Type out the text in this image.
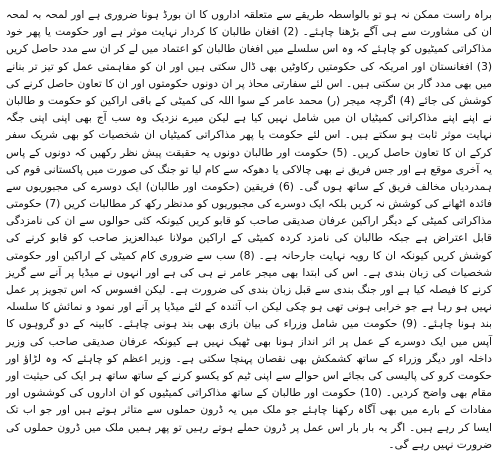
براہ راست ممکن نہ ہو تو بالواسطہ طریقے سے متعلقہ اداروں کا ان بورڈ ہونا ضروری ہے اور لمحہ بہ لمحہ ان کی مشاورت سے ہی آگے بڑھنا چاہئے۔ (2) افغان طالبان کا کردار نہایت موثر ہے اور حکومت یا پھر خود مذاکراتی کمیٹیوں کو چاہئے کہ وہ اس سلسلے میں افغان طالبان کو اعتماد میں لے کر ان سے مدد حاصل کریں (3) افغانستان اور امریکہ کی حکومتیں رکاوٹیں بھی ڈال سکتی ہیں اور ان کو مفاہمتی عمل کو تیز تر بنانے میں بھی مدد گار بن سکتی ہیں۔ اس لئے سفارتی محاذ پر ان دونوں حکومتوں اور ان کا تعاون حاصل کرنے کی کوشش کی جائے (4) اگرچہ میجر (ر) محمد عامر کے سوا اللہ کی کمیٹی کے باقی اراکین کو حکومت و طالبان نے اپنے اپنے مذاکراتی کمیٹیاں ان میں شامل نہیں کیا ہے لیکن میرے نزدیک وہ سب آج بھی اپنی اپنی جگہ نہایت موثر ثابت ہو سکتے ہیں۔ اس لئے حکومت یا پھر مذاکراتی کمیٹیاں ان شخصیات کو بھی شریک سفر کرکے ان کا تعاون حاصل کریں۔ (5) حکومت اور طالبان دونوں یہ حقیقت پیش نظر رکھیں کہ دونوں کے پاس یہ آخری موقع ہے اور جس فریق نے بھی چالاکی یا دھوکہ سے کام لیا تو جنگ کی صورت میں پاکستانی قوم کی ہمدردیاں مخالف فریق کے ساتھ ہوں گی۔ (6) فریقین (حکومت اور طالبان) ایک دوسرے کی مجبوریوں سے فائدہ اٹھانے کی کوشش نہ کریں بلکہ ایک دوسرے کی مجبوریوں کو مدنظر رکھ کر مطالبات کریں (7) حکومتی مذاکراتی کمیٹی کے دیگر اراکین عرفان صدیقی صاحب کو قابو کریں کیونکہ کئی حوالوں سے ان کی نامزدگی قابل اعتراض ہے جبکہ طالبان کی نامزد کردہ کمیٹی کے اراکین مولانا عبدالعزیز صاحب کو قابو کرنے کی کوشش کریں کیونکہ ان کا رویہ نہایت جارحانہ ہے۔ (8) سب سے ضروری کام کمیٹی کے اراکین اور حکومتی شخصیات کی زبان بندی ہے۔ اس کی ابتدا بھی میجر عامر نے ہی کی ہے اور انہوں نے میڈیا پر آنے سے گریز کرنے کا فیصلہ کیا ہے اور جنگ بندی سے قبل زبان بندی کی ضرورت ہے۔ لیکن افسوس کہ اس تجویز پر عمل نہیں ہو رہا ہے جو خرابی ہونی تھی ہو چکی لیکن اب آئندہ کے لئے میڈیا پر آنے اور نمود و نمائش کا سلسلہ بند ہونا چاہئے۔ (9) حکومت میں شامل وزراء کی بیان بازی بھی بند ہونی چاہئے۔ کابینہ کے دو گروہوں کا آپس میں ایک دوسرے کے عمل پر اثر انداز ہونا بھی ٹھیک نہیں ہے کیونکہ عرفان صدیقی صاحب کی وزیر داخلہ اور دیگر وزراء کے ساتھ کشمکش بھی نقصان پہنچا سکتی ہے۔ وزیر اعظم کو چاہئے کہ وہ لڑاؤ اور حکومت کرو کی پالیسی کی بجائے اس حوالے سے اپنی ٹیم کو یکسو کرنے کے ساتھ ساتھ ہر ایک کی حیثیت اور مقام بھی واضح کردیں۔ (10) حکومت اور طالبان کے ساتھ مذاکراتی کمیٹیوں کو ان اداروں کی کوششوں اور مفادات کے بارے میں بھی آگاہ رکھنا چاہئے جو ملک میں یہ ڈرون حملوں سے متاثر ہوتے ہیں اور جو اب تک ایسا کر رہے ہیں۔ اگر یہ بار بار اس عمل پر ڈرون حملے ہوتے رہیں تو پھر ہمیں ملک میں ڈرون حملوں کی ضرورت نہیں رہے گی۔
